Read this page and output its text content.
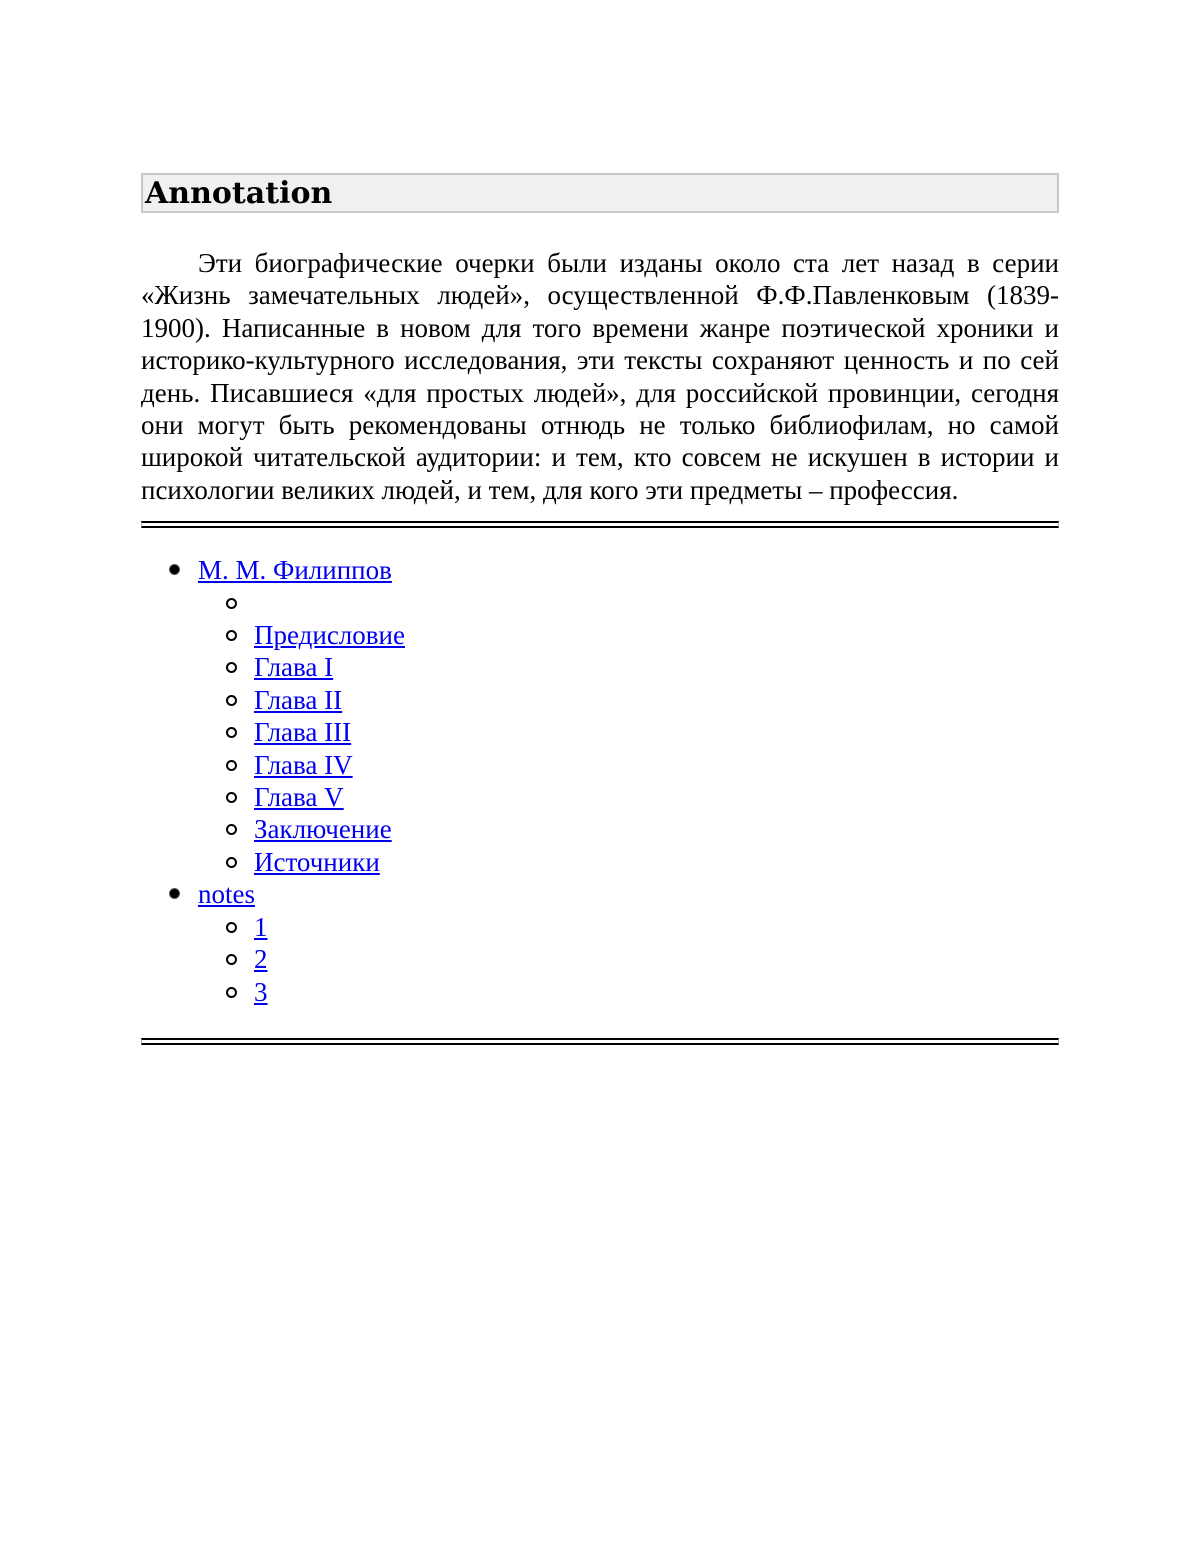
Annotation

Эти биографические очерки были изданы около ста лет назад в серии «Жизнь замечательных людей», осуществленной Ф.Ф.Павленковым (1839-1900). Написанные в новом для того времени жанре поэтической хроники и историко-культурного исследования, эти тексты сохраняют ценность и по сей день. Писавшиеся «для простых людей», для российской провинции, сегодня они могут быть рекомендованы отнюдь не только библиофилам, но самой широкой читательской аудитории: и тем, кто совсем не искушен в истории и психологии великих людей, и тем, для кого эти предметы – профессия.

М. М. Филиппов
Предисловие
Глава I
Глава II
Глава III
Глава IV
Глава V
Заключение
Источники
notes
1
2
3
